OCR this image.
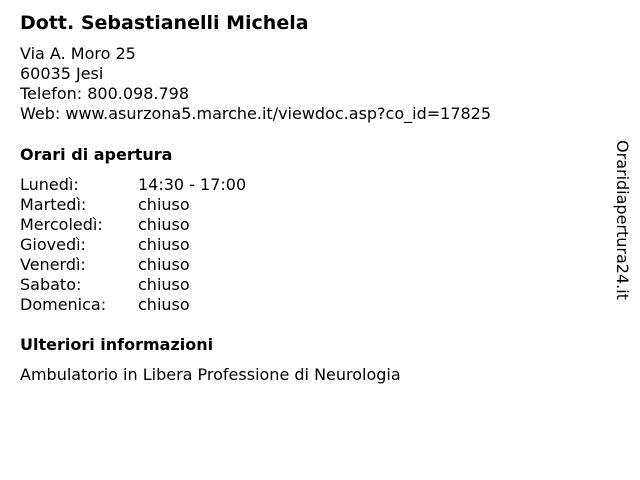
Dott. Sebastianelli Michela
Via A. Moro 25
60035 Jesi
Telefon: 800.098.798
Web: www.asurzona5.marche.it/viewdoc.asp?co_id=17825
Orari di apertura
Lunedì:	14:30 - 17:00
Martedì:	chiuso
Mercoledì:	chiuso
Giovedì:	chiuso
Venerdì:	chiuso
Sabato:	chiuso
Domenica:	chiuso
Ulteriori informazioni
Ambulatorio in Libera Professione di Neurologia
Oraridiapertura24.it
